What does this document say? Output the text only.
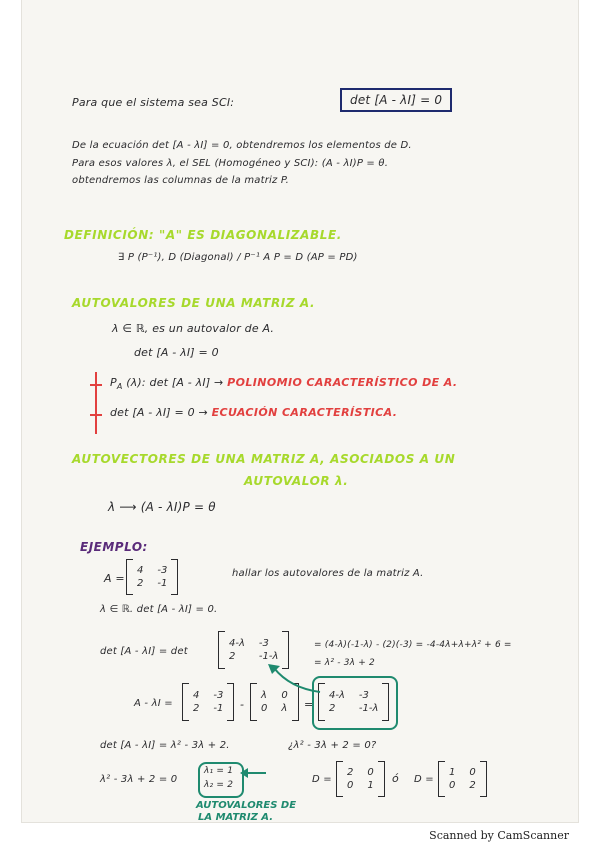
Para que el sistema sea SCI:	det [A - λI] = 0
De la ecuación det [A - λI] = 0, obtendremos los elementos de D.
Para esos valores λ, el SEL (Homogéneo y SCI): (A - λI)P = θ.
obtendremos las columnas de la matriz P.
DEFINICIÓN: "A" ES DIAGONALIZABLE.
∃ P (P⁻¹), D (Diagonal) / P⁻¹ A P = D (AP = PD)
AUTOVALORES DE UNA MATRIZ A.
λ ∈ ℝ, es un autovalor de A.
det [A - λI] = 0
$P_A$ (λ): det [A - λI] → POLINOMIO CARACTERÍSTICO DE A.
det [A - λI] = 0 → ECUACIÓN CARACTERÍSTICA.
AUTOVECTORES DE UNA MATRIZ A, ASOCIADOS A UN
AUTOVALOR λ.
λ ⟶ (A - λI)P = θ
EJEMPLO:
A =
4 -3
2 -1
hallar los autovalores de la matriz A.
λ ∈ ℝ. det [A - λI] = 0.
det [A - λI] = det
4-λ -3
2	-1-λ
= (4-λ)(-1-λ) - (2)(-3) = -4-4λ+λ+λ² + 6 =
= λ² - 3λ + 2
A - λI =
4 -3
2 -1 -
λ 0
0 λ =
4-λ -3
2	-1-λ
det [A - λI] = λ² - 3λ + 2.	¿λ² - 3λ + 2 = 0?
λ² - 3λ + 2 = 0
λ₁ = 1
λ₂ = 2	D =
2 0
0 1
ó D =
1 0
0 2
AUTOVALORES DE
LA MATRIZ A.
Scanned by CamScanner
